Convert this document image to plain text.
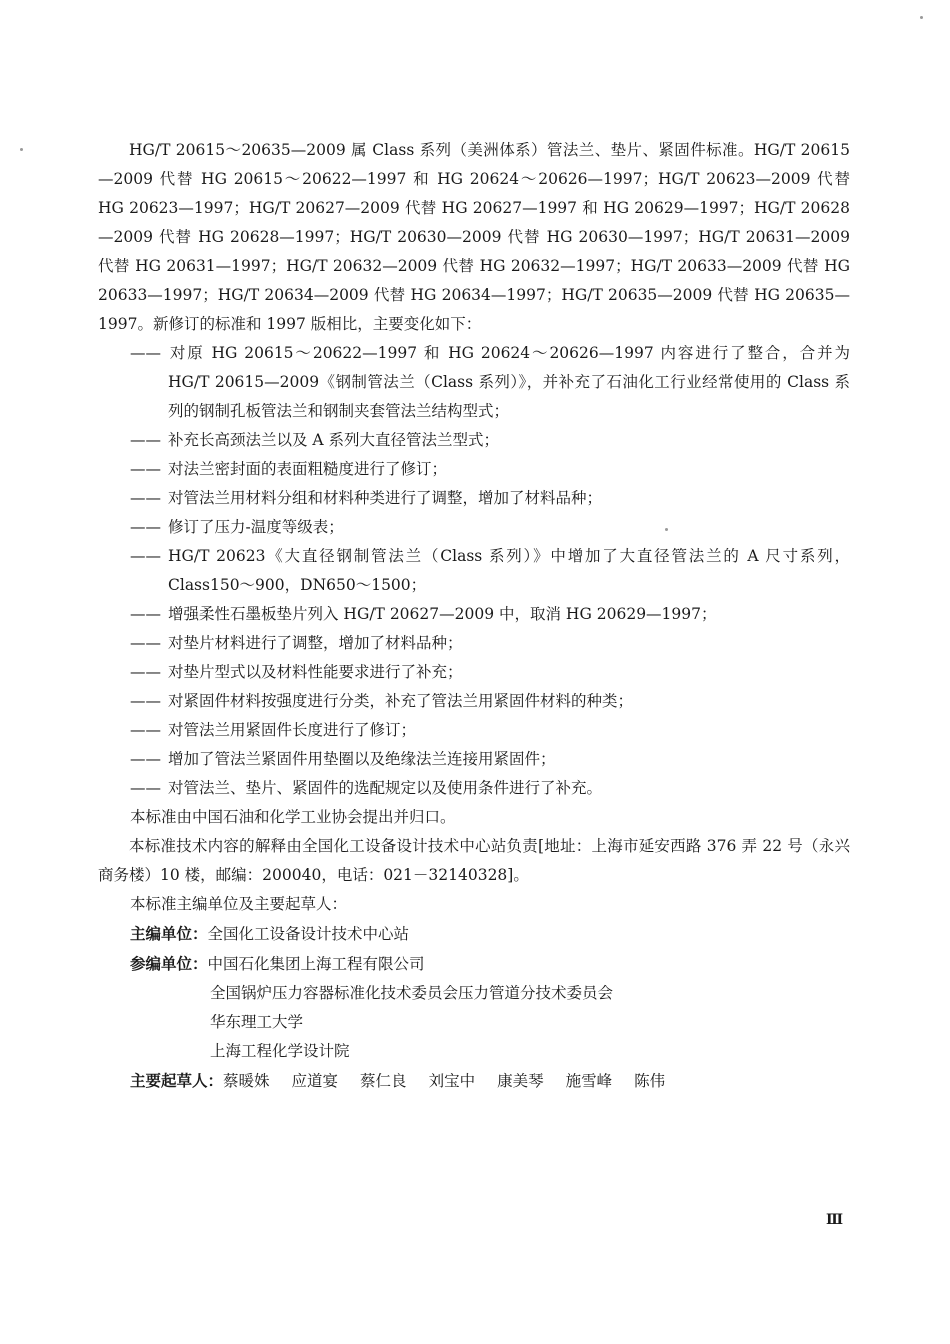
HG/T 20615～20635—2009 属 Class 系列（美洲体系）管法兰、垫片、紧固件标准。HG/T 20615—2009 代替 HG 20615～20622—1997 和 HG 20624～20626—1997；HG/T 20623—2009 代替 HG 20623—1997；HG/T 20627—2009 代替 HG 20627—1997 和 HG 20629—1997；HG/T 20628—2009 代替 HG 20628—1997；HG/T 20630—2009 代替 HG 20630—1997；HG/T 20631—2009 代替 HG 20631—1997；HG/T 20632—2009 代替 HG 20632—1997；HG/T 20633—2009 代替 HG 20633—1997；HG/T 20634—2009 代替 HG 20634—1997；HG/T 20635—2009 代替 HG 20635—1997。新修订的标准和 1997 版相比，主要变化如下：

—— 对原 HG 20615～20622—1997 和 HG 20624～20626—1997 内容进行了整合，合并为 HG/T 20615—2009《钢制管法兰（Class 系列）》，并补充了石油化工行业经常使用的 Class 系列的钢制孔板管法兰和钢制夹套管法兰结构型式；
—— 补充长高颈法兰以及 A 系列大直径管法兰型式；
—— 对法兰密封面的表面粗糙度进行了修订；
—— 对管法兰用材料分组和材料种类进行了调整，增加了材料品种；
—— 修订了压力-温度等级表；
—— HG/T 20623《大直径钢制管法兰（Class 系列）》中增加了大直径管法兰的 A 尺寸系列，Class150～900，DN650～1500；
—— 增强柔性石墨板垫片列入 HG/T 20627—2009 中，取消 HG 20629—1997；
—— 对垫片材料进行了调整，增加了材料品种；
—— 对垫片型式以及材料性能要求进行了补充；
—— 对紧固件材料按强度进行分类，补充了管法兰用紧固件材料的种类；
—— 对管法兰用紧固件长度进行了修订；
—— 增加了管法兰紧固件用垫圈以及绝缘法兰连接用紧固件；
—— 对管法兰、垫片、紧固件的选配规定以及使用条件进行了补充。

本标准由中国石油和化学工业协会提出并归口。

本标准技术内容的解释由全国化工设备设计技术中心站负责[地址：上海市延安西路 376 弄 22 号（永兴商务楼）10 楼，邮编：200040，电话：021－32140328]。

本标准主编单位及主要起草人：

主编单位：全国化工设备设计技术中心站

参编单位：中国石化集团上海工程有限公司

全国锅炉压力容器标准化技术委员会压力管道分技术委员会
华东理工大学
上海工程化学设计院

主要起草人：蔡暖姝 应道宴 蔡仁良 刘宝中 康美琴 施雪峰 陈伟

Ⅲ
